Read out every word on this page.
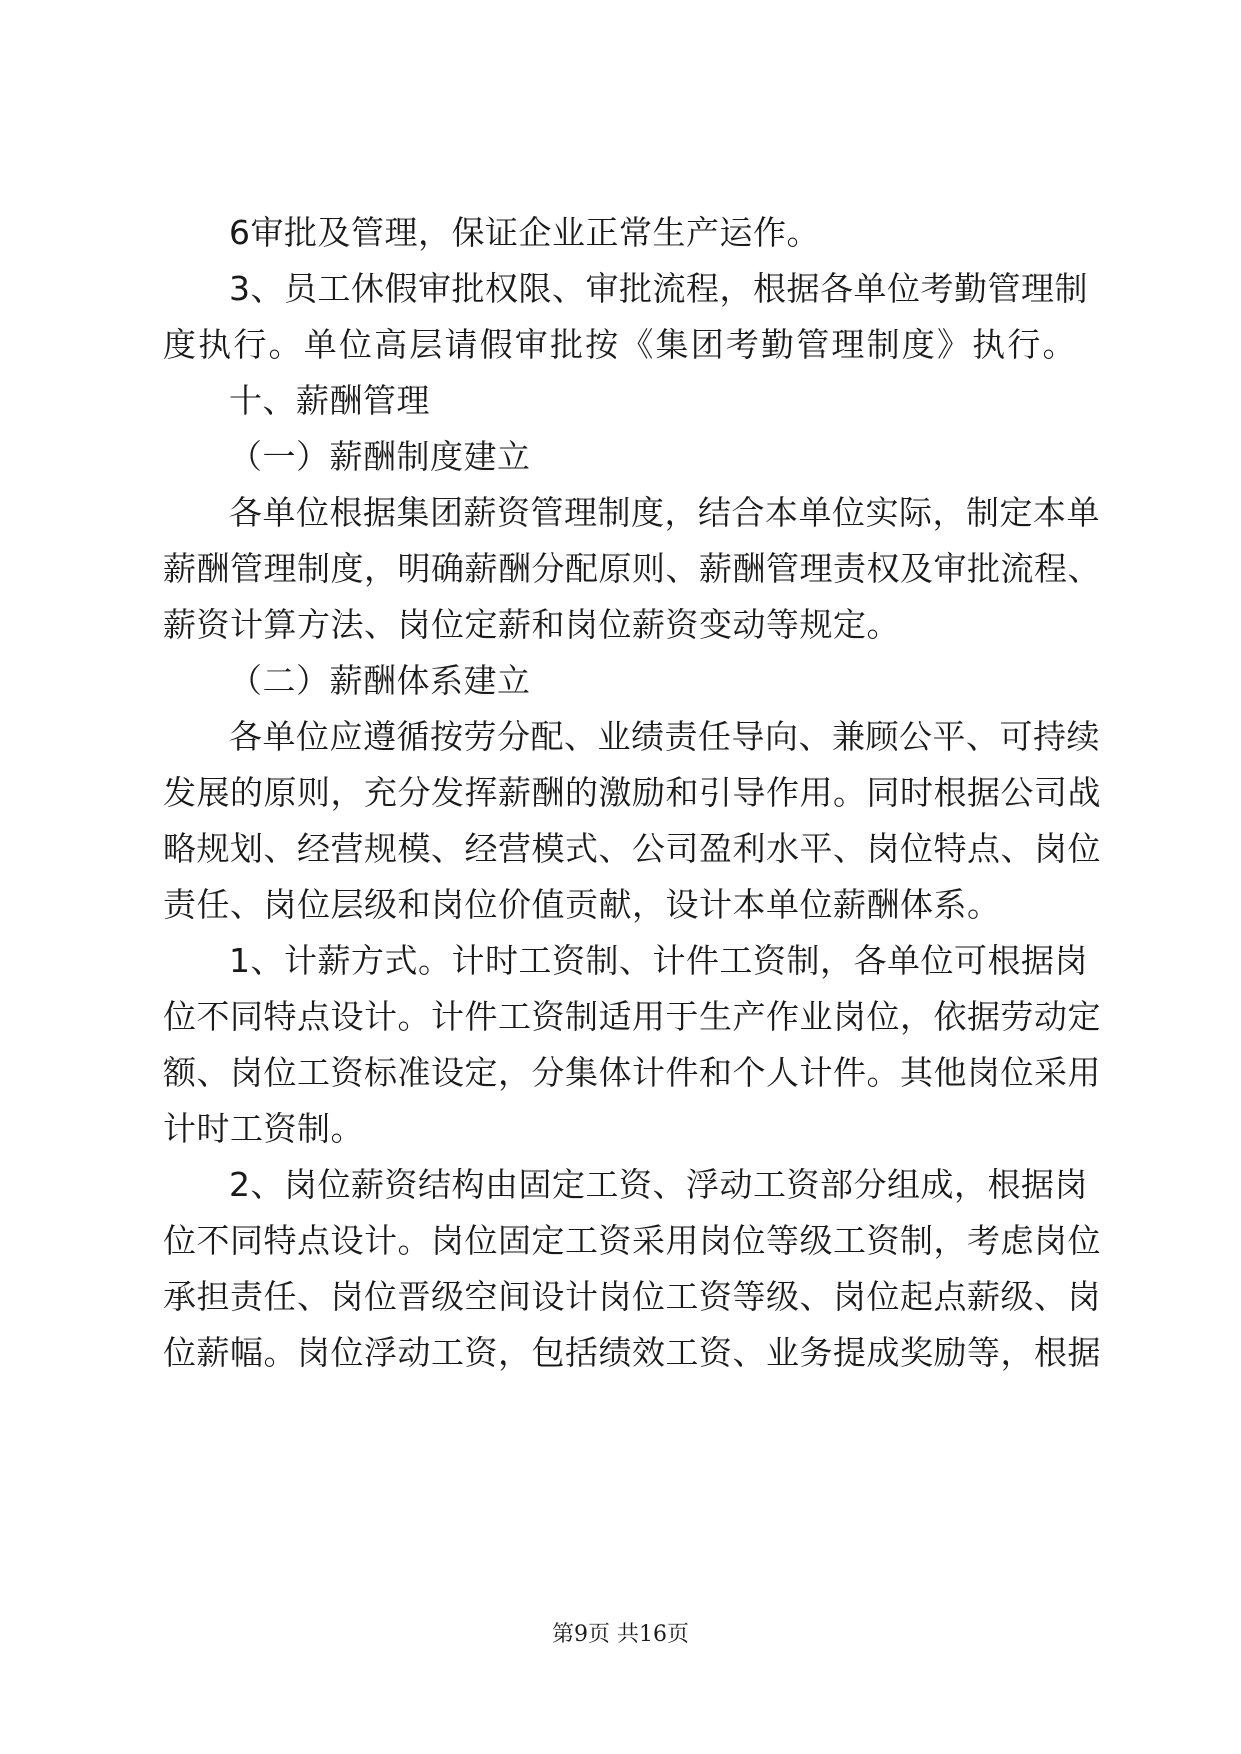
6审批及管理，保证企业正常生产运作。
3、员工休假审批权限、审批流程，根据各单位考勤管理制
度执行。单位高层请假审批按《集团考勤管理制度》执行。
十、薪酬管理
（一）薪酬制度建立
各单位根据集团薪资管理制度，结合本单位实际，制定本单
薪酬管理制度，明确薪酬分配原则、薪酬管理责权及审批流程、
薪资计算方法、岗位定薪和岗位薪资变动等规定。
（二）薪酬体系建立
各单位应遵循按劳分配、业绩责任导向、兼顾公平、可持续
发展的原则，充分发挥薪酬的激励和引导作用。同时根据公司战
略规划、经营规模、经营模式、公司盈利水平、岗位特点、岗位
责任、岗位层级和岗位价值贡献，设计本单位薪酬体系。
1、计薪方式。计时工资制、计件工资制，各单位可根据岗
位不同特点设计。计件工资制适用于生产作业岗位，依据劳动定
额、岗位工资标准设定，分集体计件和个人计件。其他岗位采用
计时工资制。
2、岗位薪资结构由固定工资、浮动工资部分组成，根据岗
位不同特点设计。岗位固定工资采用岗位等级工资制，考虑岗位
承担责任、岗位晋级空间设计岗位工资等级、岗位起点薪级、岗
位薪幅。岗位浮动工资，包括绩效工资、业务提成奖励等，根据
第9页 共16页
